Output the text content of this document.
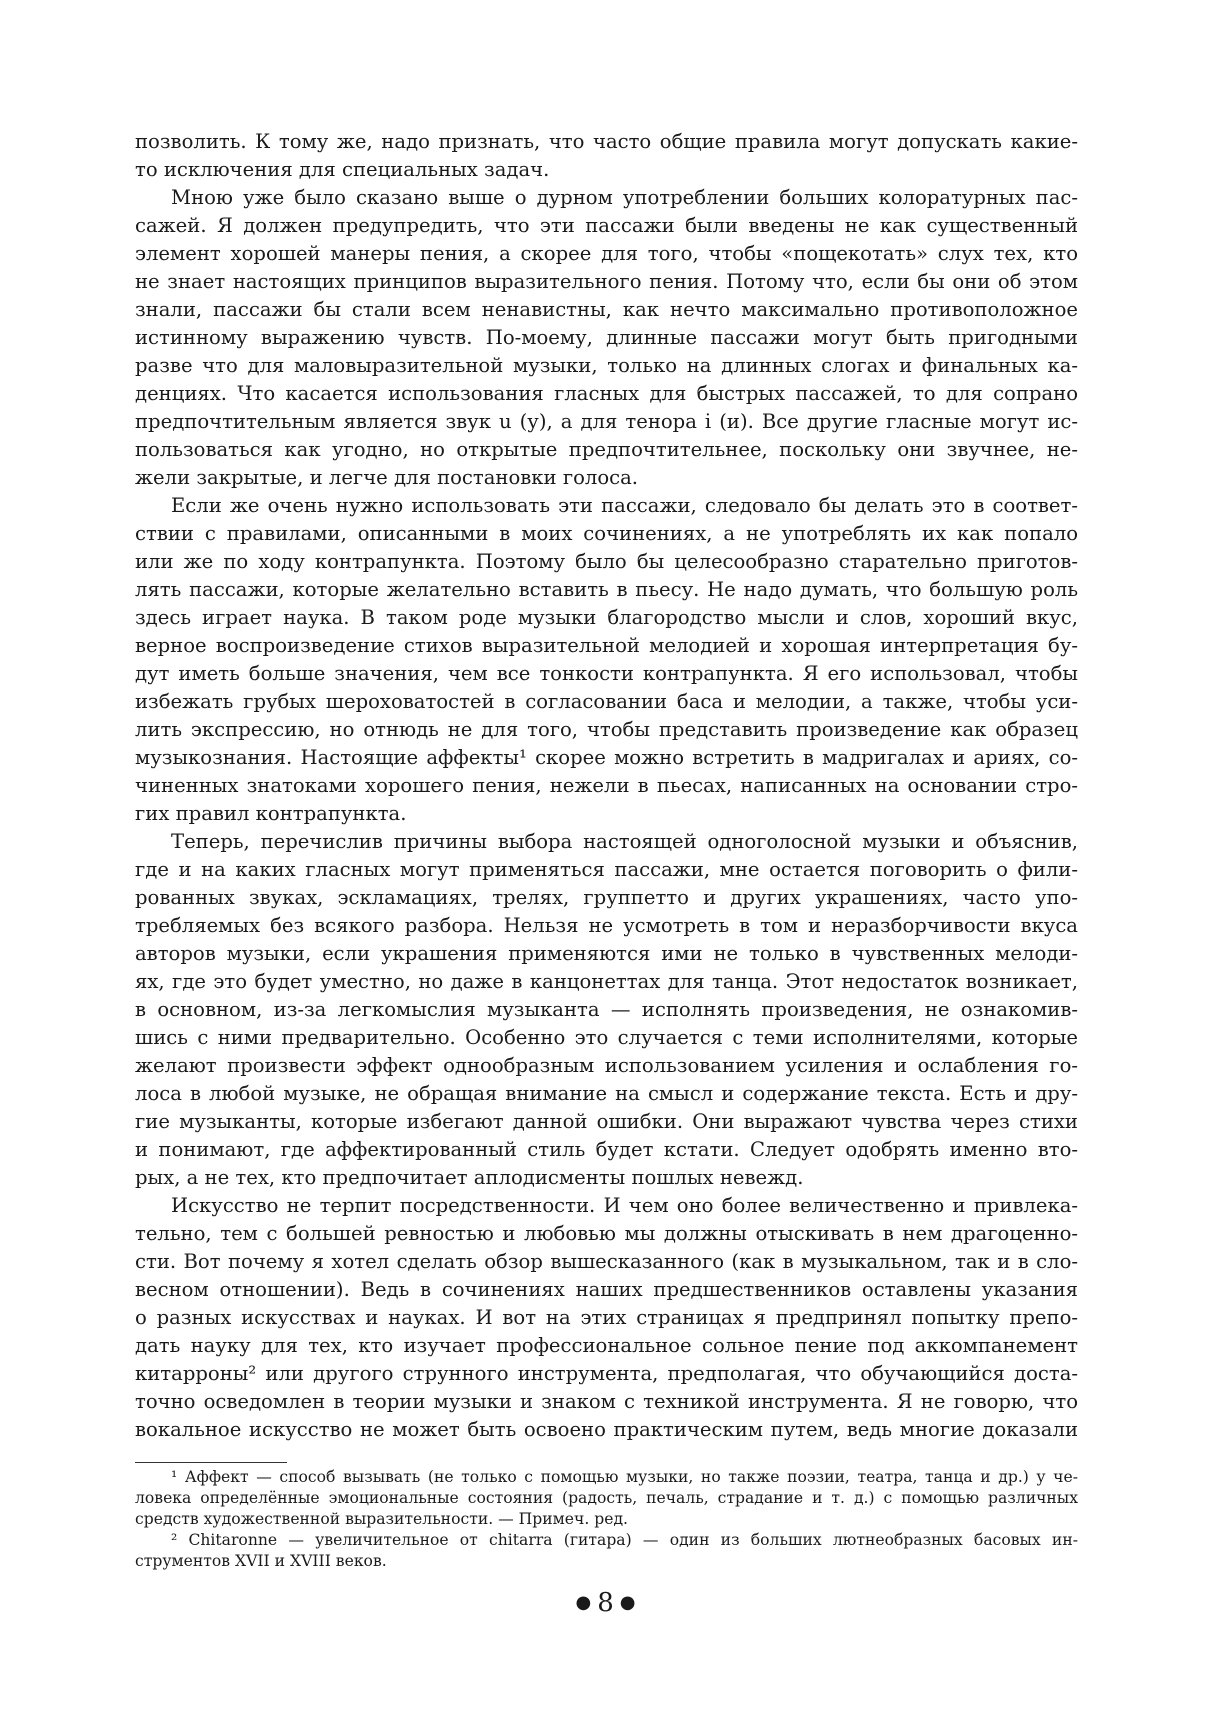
позволить. К тому же, надо признать, что часто общие правила могут допускать какие-
то исключения для специальных задач.

Мною уже было сказано выше о дурном употреблении больших колоратурных пас-
сажей. Я должен предупредить, что эти пассажи были введены не как существенный
элемент хорошей манеры пения, а скорее для того, чтобы «пощекотать» слух тех, кто
не знает настоящих принципов выразительного пения. Потому что, если бы они об этом
знали, пассажи бы стали всем ненавистны, как нечто максимально противоположное
истинному выражению чувств. По-моему, длинные пассажи могут быть пригодными
разве что для маловыразительной музыки, только на длинных слогах и финальных ка-
денциях. Что касается использования гласных для быстрых пассажей, то для сопрано
предпочтительным является звук u (у), а для тенора i (и). Все другие гласные могут ис-
пользоваться как угодно, но открытые предпочтительнее, поскольку они звучнее, не-
жели закрытые, и легче для постановки голоса.

Если же очень нужно использовать эти пассажи, следовало бы делать это в соответ-
ствии с правилами, описанными в моих сочинениях, а не употреблять их как попало
или же по ходу контрапункта. Поэтому было бы целесообразно старательно приготов-
лять пассажи, которые желательно вставить в пьесу. Не надо думать, что большую роль
здесь играет наука. В таком роде музыки благородство мысли и слов, хороший вкус,
верное воспроизведение стихов выразительной мелодией и хорошая интерпретация бу-
дут иметь больше значения, чем все тонкости контрапункта. Я его использовал, чтобы
избежать грубых шероховатостей в согласовании баса и мелодии, а также, чтобы уси-
лить экспрессию, но отнюдь не для того, чтобы представить произведение как образец
музыкознания. Настоящие аффекты¹ скорее можно встретить в мадригалах и ариях, со-
чиненных знатоками хорошего пения, нежели в пьесах, написанных на основании стро-
гих правил контрапункта.

Теперь, перечислив причины выбора настоящей одноголосной музыки и объяснив,
где и на каких гласных могут применяться пассажи, мне остается поговорить о фили-
рованных звуках, эскламациях, трелях, группетто и других украшениях, часто упо-
требляемых без всякого разбора. Нельзя не усмотреть в том и неразборчивости вкуса
авторов музыки, если украшения применяются ими не только в чувственных мелоди-
ях, где это будет уместно, но даже в канцонеттах для танца. Этот недостаток возникает,
в основном, из-за легкомыслия музыканта — исполнять произведения, не ознакомив-
шись с ними предварительно. Особенно это случается с теми исполнителями, которые
желают произвести эффект однообразным использованием усиления и ослабления го-
лоса в любой музыке, не обращая внимание на смысл и содержание текста. Есть и дру-
гие музыканты, которые избегают данной ошибки. Они выражают чувства через стихи
и понимают, где аффектированный стиль будет кстати. Следует одобрять именно вто-
рых, а не тех, кто предпочитает аплодисменты пошлых невежд.

Искусство не терпит посредственности. И чем оно более величественно и привлека-
тельно, тем с большей ревностью и любовью мы должны отыскивать в нем драгоценно-
сти. Вот почему я хотел сделать обзор вышесказанного (как в музыкальном, так и в сло-
весном отношении). Ведь в сочинениях наших предшественников оставлены указания
о разных искусствах и науках. И вот на этих страницах я предпринял попытку препо-
дать науку для тех, кто изучает профессиональное сольное пение под аккомпанемент
китарроны² или другого струнного инструмента, предполагая, что обучающийся доста-
точно осведомлен в теории музыки и знаком с техникой инструмента. Я не говорю, что
вокальное искусство не может быть освоено практическим путем, ведь многие доказали

¹ Аффект — способ вызывать (не только с помощью музыки, но также поэзии, театра, танца и др.) у че-
ловека определённые эмоциональные состояния (радость, печаль, страдание и т. д.) с помощью различных
средств художественной выразительности. — Примеч. ред.

² Chitaronne — увеличительное от chitarra (гитара) — один из больших лютнеобразных басовых ин-
струментов XVII и XVIII веков.

● 8 ●
